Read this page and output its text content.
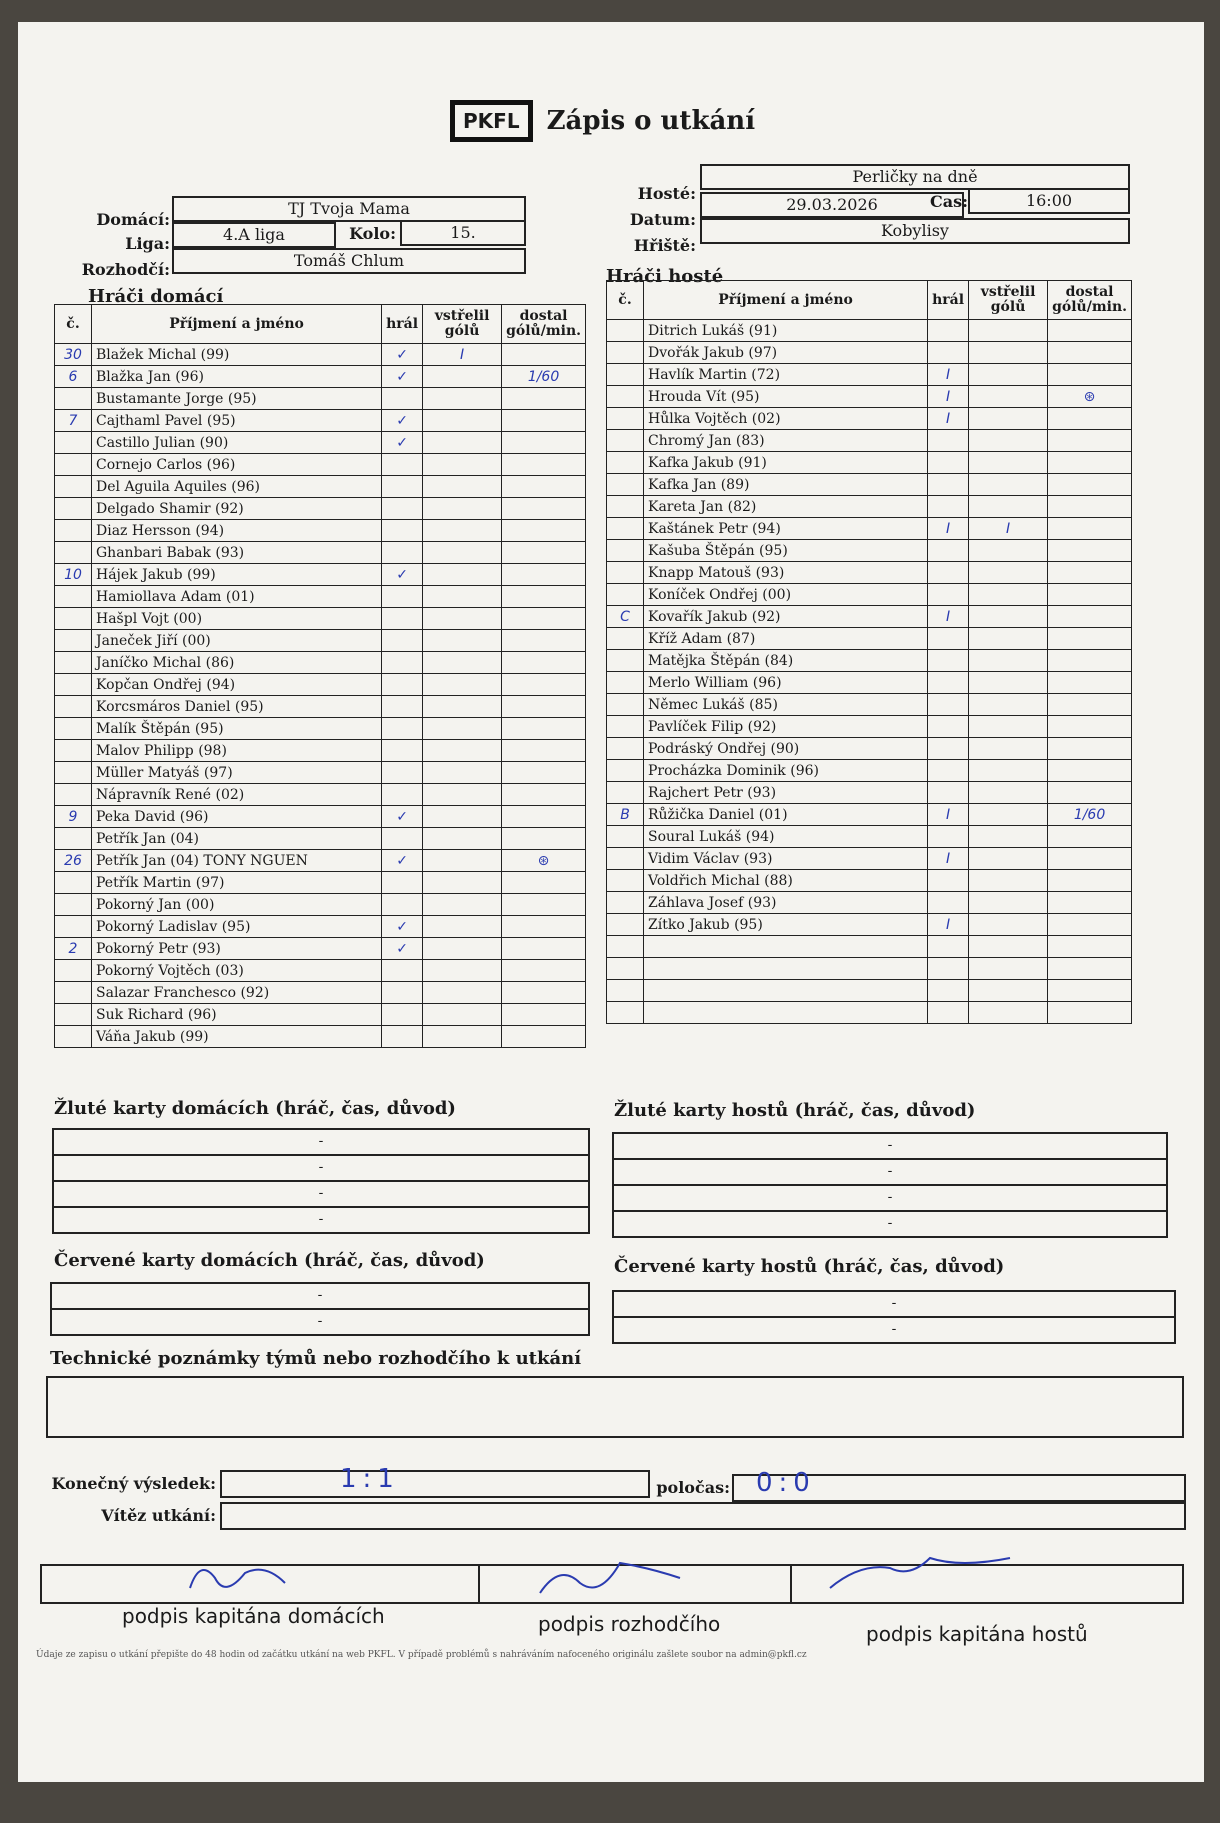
PKFL	Zápis o utkání
Domácí:
TJ Tvoja Mama
Liga:	4.A liga	Kolo:	15.
Rozhodčí:	Tomáš Chlum
Hosté:
Perličky na dně
Datum:
29.03.2026	Čas:	16:00
Hřiště:
Kobylisy
Hráči domácí
Hráči hosté
č.	Příjmení a jméno	hrál	vstřelil gólů	dostal gólů/min.
30	Blažek Michal (99)	✓	I	
6	Blažka Jan (96)	✓		1/60
	Bustamante Jorge (95)			
7	Cajthaml Pavel (95)	✓		
	Castillo Julian (90)	✓		
	Cornejo Carlos (96)			
	Del Aguila Aquiles (96)			
	Delgado Shamir (92)			
	Diaz Hersson (94)			
	Ghanbari Babak (93)			
10	Hájek Jakub (99)	✓		
	Hamiollava Adam (01)			
	Hašpl Vojt (00)			
	Janeček Jiří (00)			
	Janíčko Michal (86)			
	Kopčan Ondřej (94)			
	Korcsmáros Daniel (95)			
	Malík Štěpán (95)			
	Malov Philipp (98)			
	Müller Matyáš (97)			
	Nápravník René (02)			
9	Peka David (96)	✓		
	Petřík Jan (04)			
26	Petřík Jan (04) TONY NGUEN	✓		⊛
	Petřík Martin (97)			
	Pokorný Jan (00)			
	Pokorný Ladislav (95)	✓		
2	Pokorný Petr (93)	✓		
	Pokorný Vojtěch (03)			
	Salazar Franchesco (92)			
	Suk Richard (96)			
	Váňa Jakub (99)			
č.	Příjmení a jméno	hrál	vstřelil gólů	dostal gólů/min.
	Ditrich Lukáš (91)			
	Dvořák Jakub (97)			
	Havlík Martin (72)	I		
	Hrouda Vít (95)	I		⊛
	Hůlka Vojtěch (02)	I		
	Chromý Jan (83)			
	Kafka Jakub (91)			
	Kafka Jan (89)			
	Kareta Jan (82)			
	Kaštánek Petr (94)	I	I	
	Kašuba Štěpán (95)			
	Knapp Matouš (93)			
	Koníček Ondřej (00)			
C	Kovařík Jakub (92)	I		
	Kříž Adam (87)			
	Matějka Štěpán (84)			
	Merlo William (96)			
	Němec Lukáš (85)			
	Pavlíček Filip (92)			
	Podráský Ondřej (90)			
	Procházka Dominik (96)			
	Rajchert Petr (93)			
B	Růžička Daniel (01)	I		1/60
	Soural Lukáš (94)			
	Vidim Václav (93)	I		
	Voldřich Michal (88)			
	Záhlava Josef (93)			
	Zítko Jakub (95)	I		

Žluté karty domácích (hráč, čas, důvod)
-
-
-
-
Žluté karty hostů (hráč, čas, důvod)
-
-
-
-
Červené karty domácích (hráč, čas, důvod)
-
-
Červené karty hostů (hráč, čas, důvod)
-
-
Technické poznámky týmů nebo rozhodčího k utkání
Konečný výsledek:	1:1	poločas: 0:0
Vítěz utkání:
podpis kapitána domácích	podpis rozhodčího	podpis kapitána hostů
Údaje ze zapisu o utkání přepište do 48 hodin od začátku utkání na web PKFL. V případě problémů s nahráváním nafoceného originálu zašlete soubor na admin@pkfl.cz
